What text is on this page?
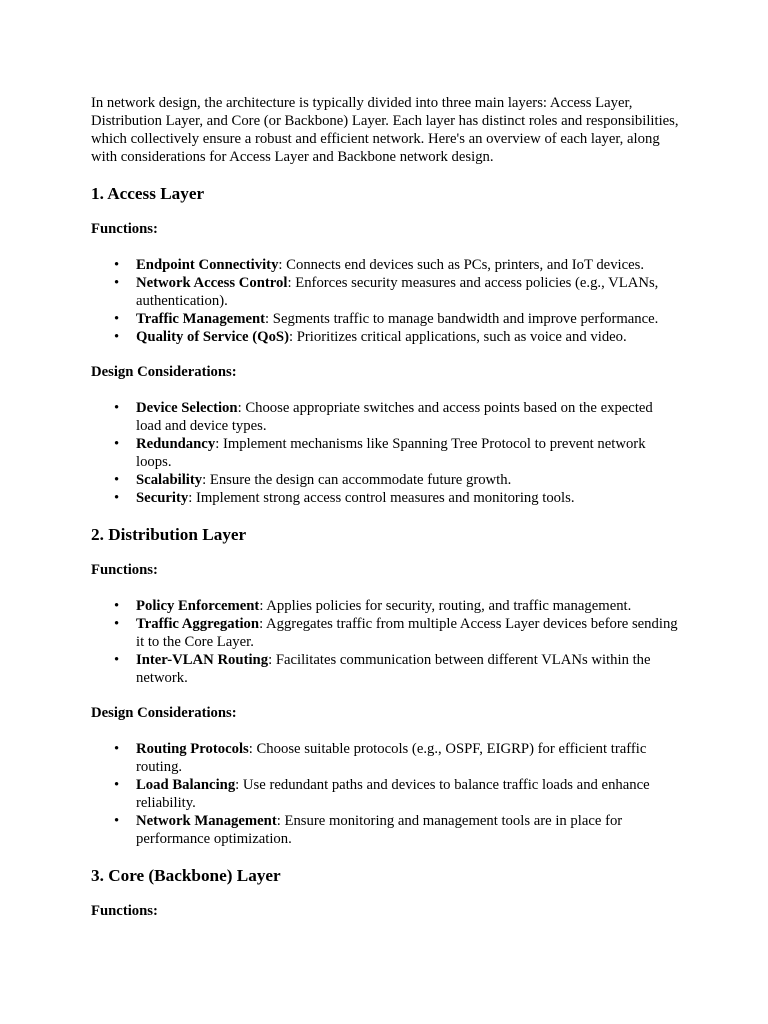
In network design, the architecture is typically divided into three main layers: Access Layer, Distribution Layer, and Core (or Backbone) Layer. Each layer has distinct roles and responsibilities, which collectively ensure a robust and efficient network. Here's an overview of each layer, along with considerations for Access Layer and Backbone network design.

1. Access Layer

Functions:

• Endpoint Connectivity: Connects end devices such as PCs, printers, and IoT devices.
• Network Access Control: Enforces security measures and access policies (e.g., VLANs, authentication).
• Traffic Management: Segments traffic to manage bandwidth and improve performance.
• Quality of Service (QoS): Prioritizes critical applications, such as voice and video.

Design Considerations:

• Device Selection: Choose appropriate switches and access points based on the expected load and device types.
• Redundancy: Implement mechanisms like Spanning Tree Protocol to prevent network loops.
• Scalability: Ensure the design can accommodate future growth.
• Security: Implement strong access control measures and monitoring tools.
2. Distribution Layer

Functions:

• Policy Enforcement: Applies policies for security, routing, and traffic management.
• Traffic Aggregation: Aggregates traffic from multiple Access Layer devices before sending it to the Core Layer.
• Inter-VLAN Routing: Facilitates communication between different VLANs within the network.

Design Considerations:

• Routing Protocols: Choose suitable protocols (e.g., OSPF, EIGRP) for efficient traffic routing.
• Load Balancing: Use redundant paths and devices to balance traffic loads and enhance reliability.
• Network Management: Ensure monitoring and management tools are in place for performance optimization.
3. Core (Backbone) Layer

Functions:
